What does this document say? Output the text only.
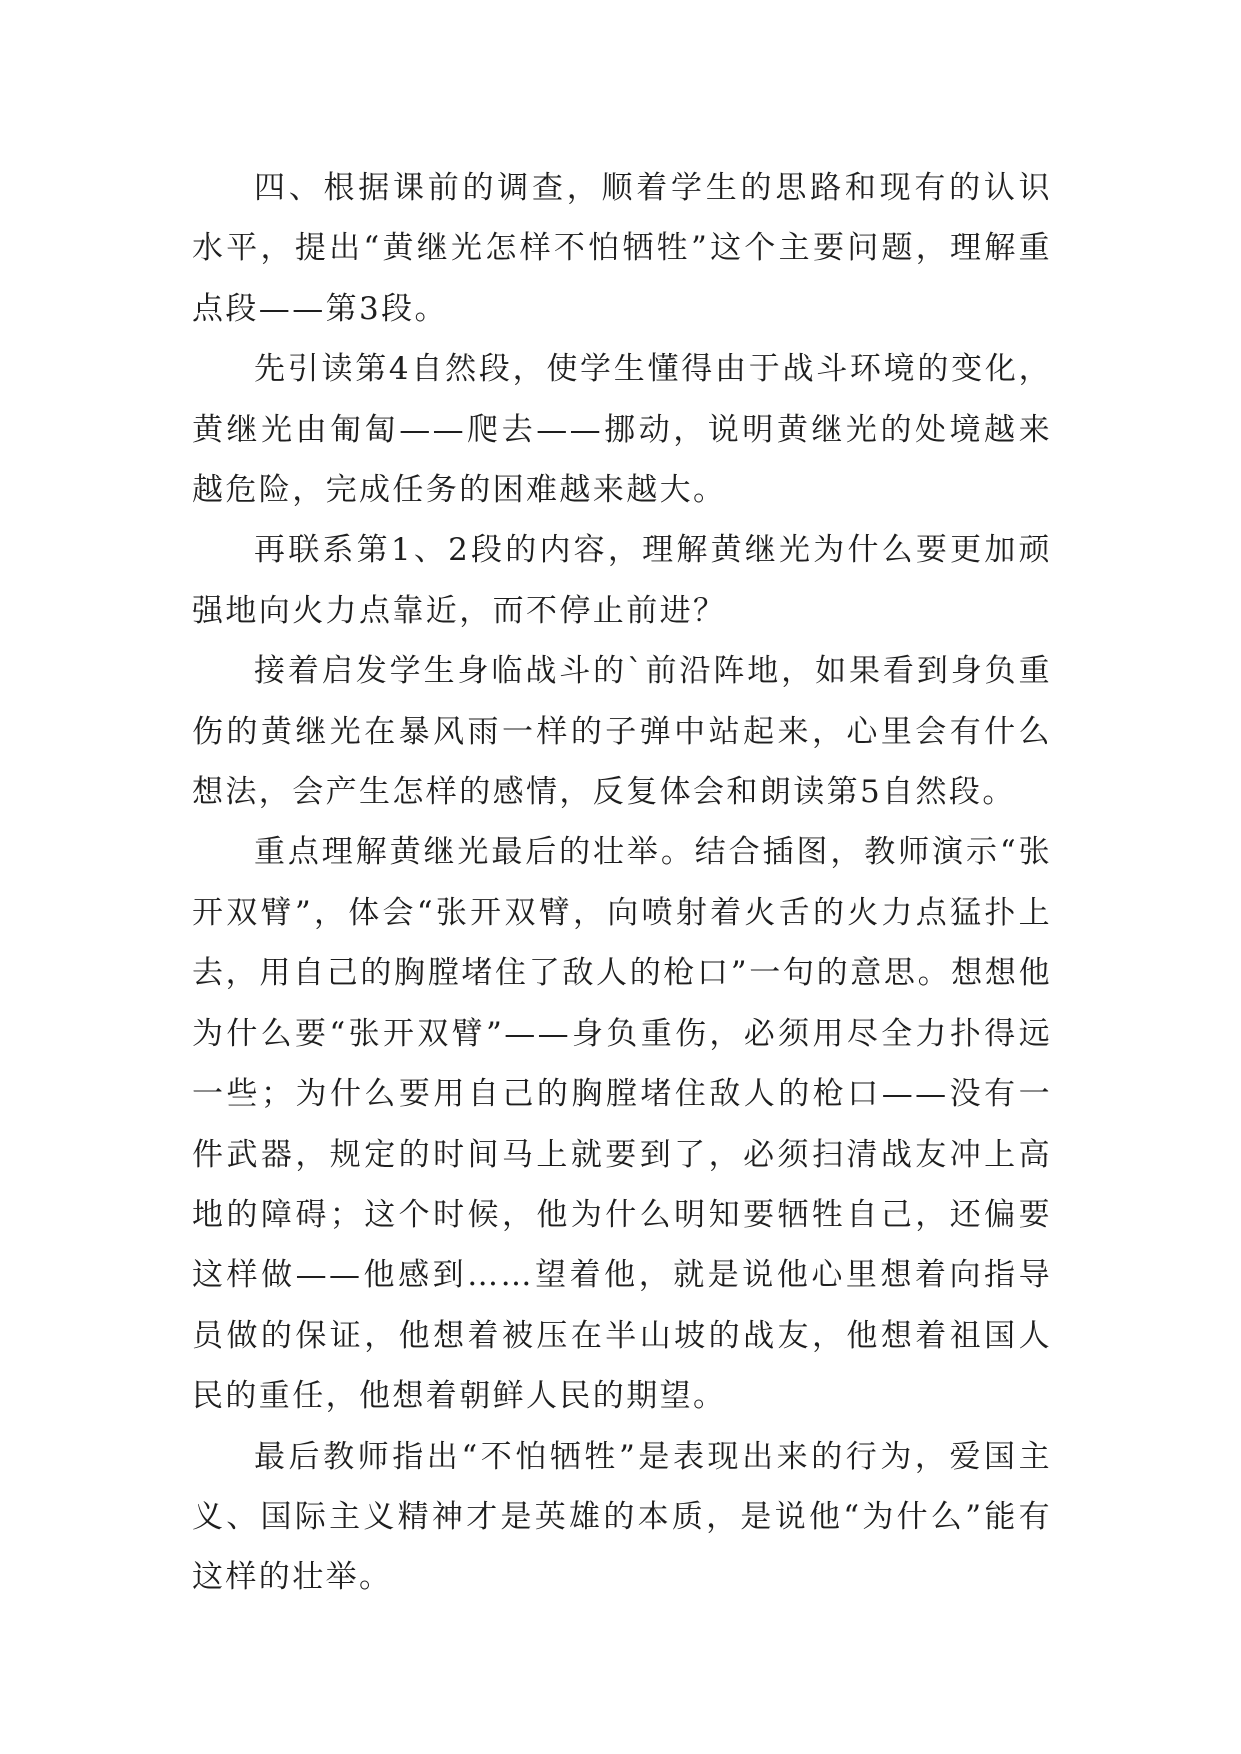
四、根据课前的调查，顺着学生的思路和现有的认识水平，提出“黄继光怎样不怕牺牲”这个主要问题，理解重点段——第3段。

先引读第4自然段，使学生懂得由于战斗环境的变化，黄继光由匍匐——爬去——挪动，说明黄继光的处境越来越危险，完成任务的困难越来越大。

再联系第1、2段的内容，理解黄继光为什么要更加顽强地向火力点靠近，而不停止前进？

接着启发学生身临战斗的`前沿阵地，如果看到身负重伤的黄继光在暴风雨一样的子弹中站起来，心里会有什么想法，会产生怎样的感情，反复体会和朗读第5自然段。

重点理解黄继光最后的壮举。结合插图，教师演示“张开双臂”，体会“张开双臂，向喷射着火舌的火力点猛扑上去，用自己的胸膛堵住了敌人的枪口”一句的意思。想想他为什么要“张开双臂”——身负重伤，必须用尽全力扑得远一些；为什么要用自己的胸膛堵住敌人的枪口——没有一件武器，规定的时间马上就要到了，必须扫清战友冲上高地的障碍；这个时候，他为什么明知要牺牲自己，还偏要这样做——他感到……望着他，就是说他心里想着向指导员做的保证，他想着被压在半山坡的战友，他想着祖国人民的重任，他想着朝鲜人民的期望。

最后教师指出“不怕牺牲”是表现出来的行为，爱国主义、国际主义精神才是英雄的本质，是说他“为什么”能有这样的壮举。
